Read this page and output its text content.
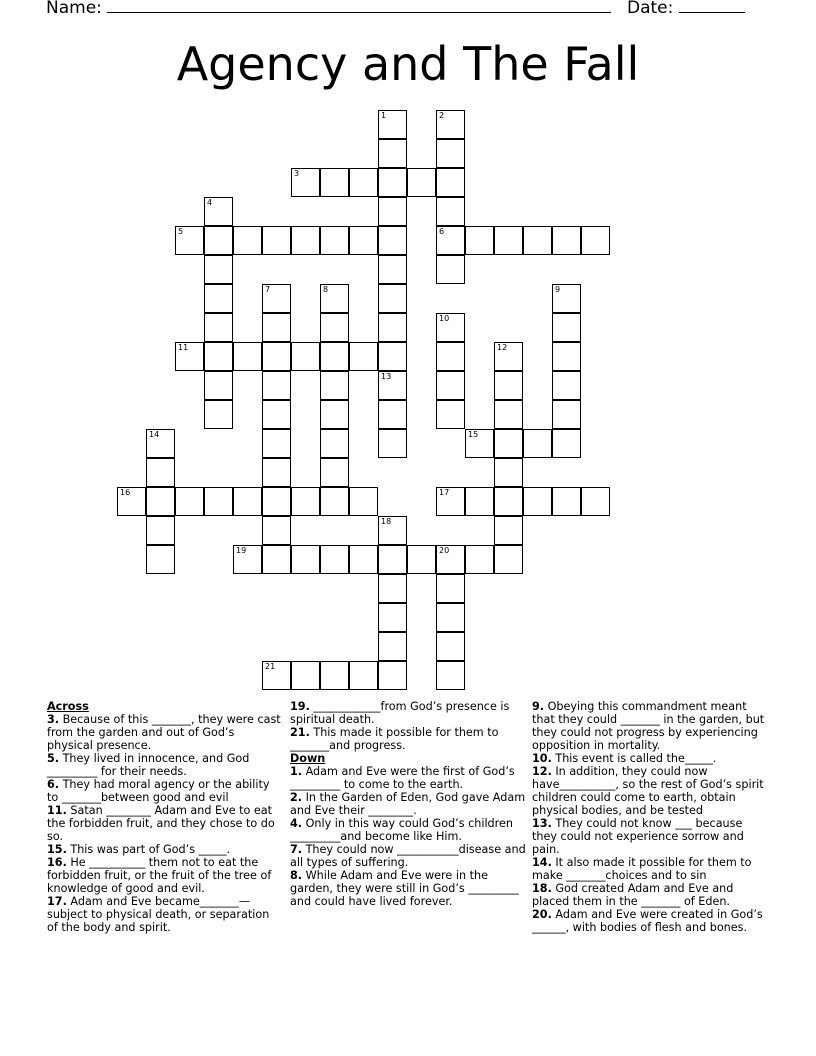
Name:	Date:
Agency and The Fall
1	2
6
3
4
5
7	8	9
10
11	12
13
14	15
16	17
18
19	20
21
Across

3. Because of this _______, they were cast from the garden and out of God’s physical presence.

5. They lived in innocence, and God _________ for their needs.

6. They had moral agency or the ability to _______between good and evil

11. Satan ________ Adam and Eve to eat the forbidden fruit, and they chose to do so.

15. This was part of God’s _____.

16. He __________ them not to eat the forbidden fruit, or the fruit of the tree of knowledge of good and evil.

17. Adam and Eve became_______—subject to physical death, or separation of the body and spirit.

19. ____________from God’s presence is spiritual death.

21. This made it possible for them to _______and progress.

Down

1. Adam and Eve were the first of God’s _________ to come to the earth.

2. In the Garden of Eden, God gave Adam and Eve their ________.

4. Only in this way could God’s children _________and become like Him.

7. They could now ___________disease and all types of suffering.

8. While Adam and Eve were in the garden, they were still in God’s _________ and could have lived forever.

9. Obeying this commandment meant that they could _______ in the garden, but they could not progress by experiencing opposition in mortality.

10. This event is called the_____.

12. In addition, they could now have__________, so the rest of God’s spirit children could come to earth, obtain physical bodies, and be tested

13. They could not know ___ because they could not experience sorrow and pain.

14. It also made it possible for them to make _______choices and to sin

18. God created Adam and Eve and placed them in the _______ of Eden.

20. Adam and Eve were created in God’s ______, with bodies of flesh and bones.
